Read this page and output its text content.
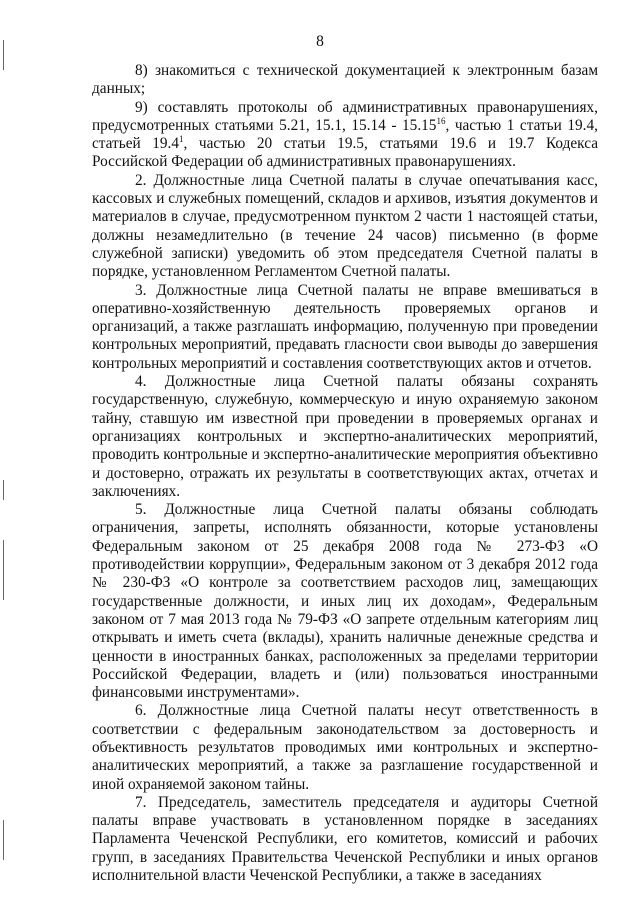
8

8) знакомиться с технической документацией к электронным базам данных;

9) составлять протоколы об административных правонарушениях, предусмотренных статьями 5.21, 15.1, 15.14 - 15.15$^{16}$, частью 1 статьи 19.4, статьей 19.4$^1$, частью 20 статьи 19.5, статьями 19.6 и 19.7 Кодекса Российской Федерации об административных правонарушениях.

2. Должностные лица Счетной палаты в случае опечатывания касс, кассовых и служебных помещений, складов и архивов, изъятия документов и материалов в случае, предусмотренном пунктом 2 части 1 настоящей статьи, должны незамедлительно (в течение 24 часов) письменно (в форме служебной записки) уведомить об этом председателя Счетной палаты в порядке, установленном Регламентом Счетной палаты.

3. Должностные лица Счетной палаты не вправе вмешиваться в оперативно-хозяйственную деятельность проверяемых органов и организаций, а также разглашать информацию, полученную при проведении контрольных мероприятий, предавать гласности свои выводы до завершения контрольных мероприятий и составления соответствующих актов и отчетов.

4. Должностные лица Счетной палаты обязаны сохранять государственную, служебную, коммерческую и иную охраняемую законом тайну, ставшую им известной при проведении в проверяемых органах и организациях контрольных и экспертно-аналитических мероприятий, проводить контрольные и экспертно-аналитические мероприятия объективно и достоверно, отражать их результаты в соответствующих актах, отчетах и заключениях.

5. Должностные лица Счетной палаты обязаны соблюдать ограничения, запреты, исполнять обязанности, которые установлены Федеральным законом от 25 декабря 2008 года № 273-ФЗ «О противодействии коррупции», Федеральным законом от 3 декабря 2012 года № 230-ФЗ «О контроле за соответствием расходов лиц, замещающих государственные должности, и иных лиц их доходам», Федеральным законом от 7 мая 2013 года № 79-ФЗ «О запрете отдельным категориям лиц открывать и иметь счета (вклады), хранить наличные денежные средства и ценности в иностранных банках, расположенных за пределами территории Российской Федерации, владеть и (или) пользоваться иностранными финансовыми инструментами».

6. Должностные лица Счетной палаты несут ответственность в соответствии с федеральным законодательством за достоверность и объективность результатов проводимых ими контрольных и экспертно-аналитических мероприятий, а также за разглашение государственной и иной охраняемой законом тайны.

7. Председатель, заместитель председателя и аудиторы Счетной палаты вправе участвовать в установленном порядке в заседаниях Парламента Чеченской Республики, его комитетов, комиссий и рабочих групп, в заседаниях Правительства Чеченской Республики и иных органов исполнительной власти Чеченской Республики, а также в заседаниях
